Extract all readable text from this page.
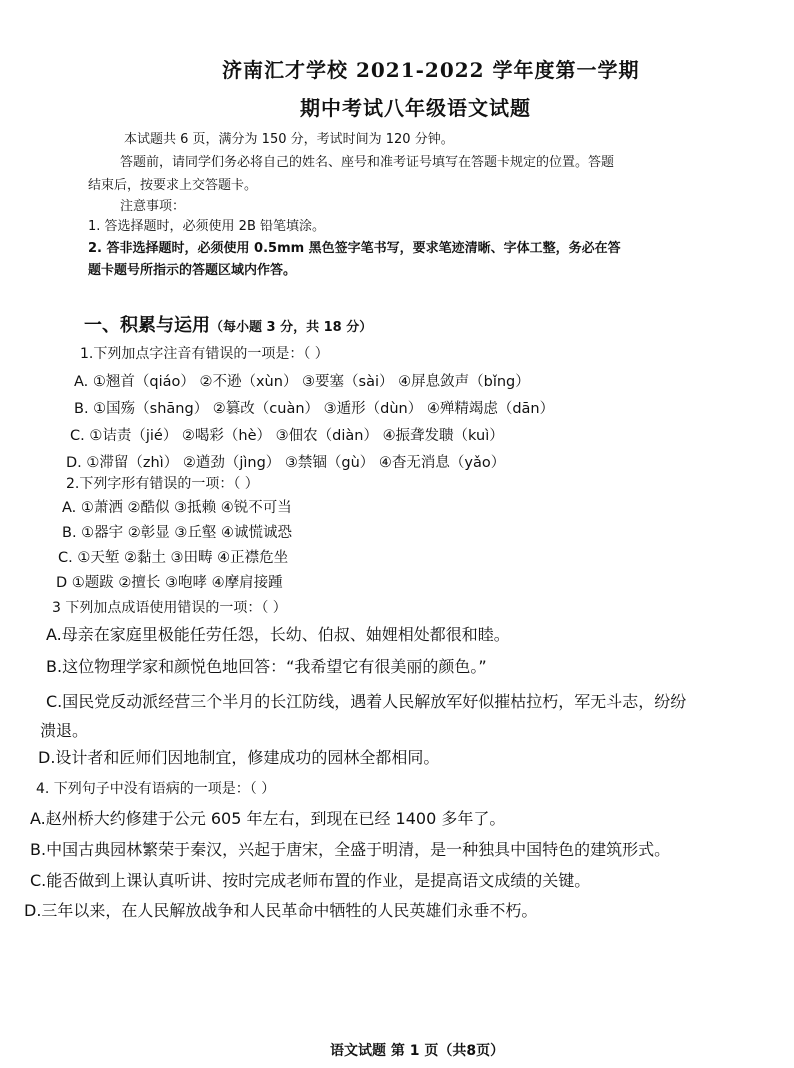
济南汇才学校 2021-2022 学年度第一学期
期中考试八年级语文试题
本试题共 6 页，满分为 150 分，考试时间为 120 分钟。
答题前，请同学们务必将自己的姓名、座号和准考证号填写在答题卡规定的位置。答题
结束后，按要求上交答题卡。
注意事项：
1. 答选择题时，必须使用 2B 铅笔填涂。
2. 答非选择题时，必须使用 0.5mm 黑色签字笔书写，要求笔迹清晰、字体工整，务必在答
题卡题号所指示的答题区域内作答。
一、积累与运用（每小题 3 分，共 18 分）
1.下列加点字注音有错误的一项是：（ ）
A. ①翘首（qiáo） ②不逊（xùn） ③要塞（sài） ④屏息敛声（bǐng）
B. ①国殇（shāng） ②篡改（cuàn） ③遁形（dùn） ④殚精竭虑（dān）
C. ①诘责（jié） ②喝彩（hè） ③佃农（diàn） ④振聋发聩（kuì）
D. ①滞留（zhì） ②遒劲（jìng） ③禁锢（gù） ④杳无消息（yǎo）
2.下列字形有错误的一项：（ ）
A. ①萧洒 ②酷似 ③抵赖 ④锐不可当
B. ①器宇 ②彰显 ③丘壑 ④诚慌诚恐
C. ①天堑 ②黏土 ③田畴 ④正襟危坐
D ①题跋 ②擅长 ③咆哮 ④摩肩接踵
3 下列加点成语使用错误的一项：（ ）
A.母亲在家庭里极能任劳任怨，长幼、伯叔、妯娌相处都很和睦。
B.这位物理学家和颜悦色地回答：“我希望它有很美丽的颜色。”
C.国民党反动派经营三个半月的长江防线，遇着人民解放军好似摧枯拉朽，军无斗志，纷纷
溃退。
D.设计者和匠师们因地制宜，修建成功的园林全都相同。
4. 下列句子中没有语病的一项是：（ ）
A.赵州桥大约修建于公元 605 年左右，到现在已经 1400 多年了。
B.中国古典园林繁荣于秦汉，兴起于唐宋，全盛于明清，是一种独具中国特色的建筑形式。
C.能否做到上课认真听讲、按时完成老师布置的作业，是提高语文成绩的关键。
D.三年以来，在人民解放战争和人民革命中牺牲的人民英雄们永垂不朽。
语文试题 第 1 页（共8页）
